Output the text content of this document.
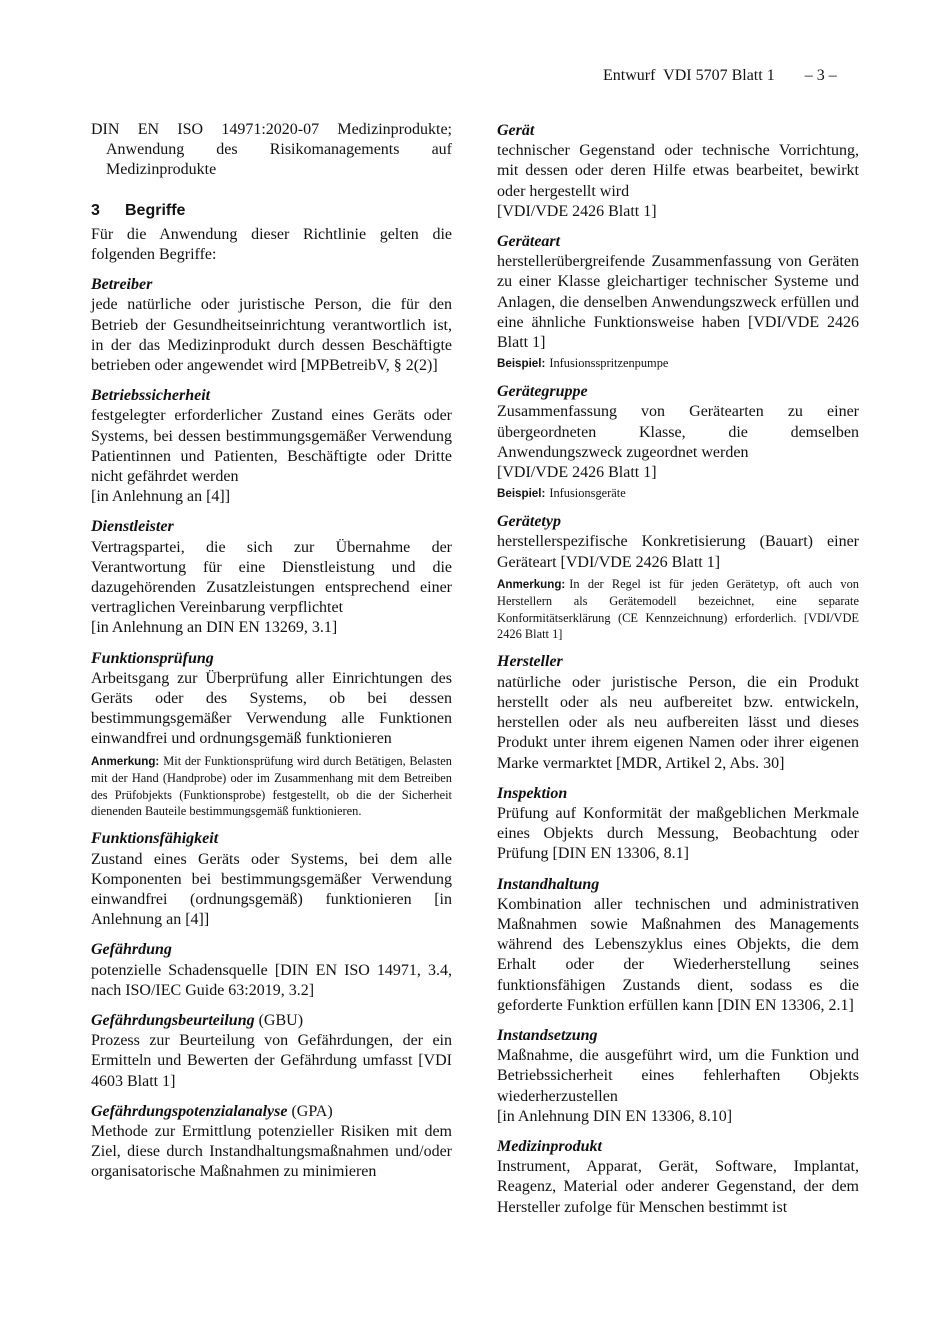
Entwurf  VDI 5707 Blatt 1 – 3 –

DIN EN ISO 14971:2020-07 Medizinprodukte; Anwendung des Risikomanagements auf Medizinprodukte

3 Begriffe

Für die Anwendung dieser Richtlinie gelten die folgenden Begriffe:

Betreiber
jede natürliche oder juristische Person, die für den Betrieb der Gesundheitseinrichtung verantwortlich ist, in der das Medizinprodukt durch dessen Beschäftigte betrieben oder angewendet wird [MPBetreibV, § 2(2)]
Betriebssicherheit
festgelegter erforderlicher Zustand eines Geräts oder Systems, bei dessen bestimmungsgemäßer Verwendung Patientinnen und Patienten, Beschäftigte oder Dritte nicht gefährdet werden
[in Anlehnung an [4]]
Dienstleister
Vertragspartei, die sich zur Übernahme der Verantwortung für eine Dienstleistung und die dazugehörenden Zusatzleistungen entsprechend einer vertraglichen Vereinbarung verpflichtet
[in Anlehnung an DIN EN 13269, 3.1]
Funktionsprüfung
Arbeitsgang zur Überprüfung aller Einrichtungen des Geräts oder des Systems, ob bei dessen bestimmungsgemäßer Verwendung alle Funktionen einwandfrei und ordnungsgemäß funktionieren
Anmerkung: Mit der Funktionsprüfung wird durch Betätigen, Belasten mit der Hand (Handprobe) oder im Zusammenhang mit dem Betreiben des Prüfobjekts (Funktionsprobe) festgestellt, ob die der Sicherheit dienenden Bauteile bestimmungsgemäß funktionieren.
Funktionsfähigkeit
Zustand eines Geräts oder Systems, bei dem alle Komponenten bei bestimmungsgemäßer Verwendung einwandfrei (ordnungsgemäß) funktionieren [in Anlehnung an [4]]
Gefährdung
potenzielle Schadensquelle [DIN EN ISO 14971, 3.4, nach ISO/IEC Guide 63:2019, 3.2]
Gefährdungsbeurteilung (GBU)
Prozess zur Beurteilung von Gefährdungen, der ein Ermitteln und Bewerten der Gefährdung umfasst [VDI 4603 Blatt 1]
Gefährdungspotenzialanalyse (GPA)
Methode zur Ermittlung potenzieller Risiken mit dem Ziel, diese durch Instandhaltungsmaßnahmen und/oder organisatorische Maßnahmen zu minimieren
Gerät
technischer Gegenstand oder technische Vorrichtung, mit dessen oder deren Hilfe etwas bearbeitet, bewirkt oder hergestellt wird
[VDI/VDE 2426 Blatt 1]
Geräteart
herstellerübergreifende Zusammenfassung von Geräten zu einer Klasse gleichartiger technischer Systeme und Anlagen, die denselben Anwendungszweck erfüllen und eine ähnliche Funktionsweise haben [VDI/VDE 2426 Blatt 1]
Beispiel: Infusionsspritzenpumpe
Gerätegruppe
Zusammenfassung von Gerätearten zu einer übergeordneten Klasse, die demselben Anwendungszweck zugeordnet werden
[VDI/VDE 2426 Blatt 1]
Beispiel: Infusionsgeräte
Gerätetyp
herstellerspezifische Konkretisierung (Bauart) einer Geräteart [VDI/VDE 2426 Blatt 1]
Anmerkung: In der Regel ist für jeden Gerätetyp, oft auch von Herstellern als Gerätemodell bezeichnet, eine separate Konformitätserklärung (CE Kennzeichnung) erforderlich. [VDI/VDE 2426 Blatt 1]
Hersteller
natürliche oder juristische Person, die ein Produkt herstellt oder als neu aufbereitet bzw. entwickeln, herstellen oder als neu aufbereiten lässt und dieses Produkt unter ihrem eigenen Namen oder ihrer eigenen Marke vermarktet [MDR, Artikel 2, Abs. 30]
Inspektion
Prüfung auf Konformität der maßgeblichen Merkmale eines Objekts durch Messung, Beobachtung oder Prüfung [DIN EN 13306, 8.1]
Instandhaltung
Kombination aller technischen und administrativen Maßnahmen sowie Maßnahmen des Managements während des Lebenszyklus eines Objekts, die dem Erhalt oder der Wiederherstellung seines funktionsfähigen Zustands dient, sodass es die geforderte Funktion erfüllen kann [DIN EN 13306, 2.1]
Instandsetzung
Maßnahme, die ausgeführt wird, um die Funktion und Betriebssicherheit eines fehlerhaften Objekts wiederherzustellen
[in Anlehnung DIN EN 13306, 8.10]
Medizinprodukt
Instrument, Apparat, Gerät, Software, Implantat, Reagenz, Material oder anderer Gegenstand, der dem Hersteller zufolge für Menschen bestimmt ist
